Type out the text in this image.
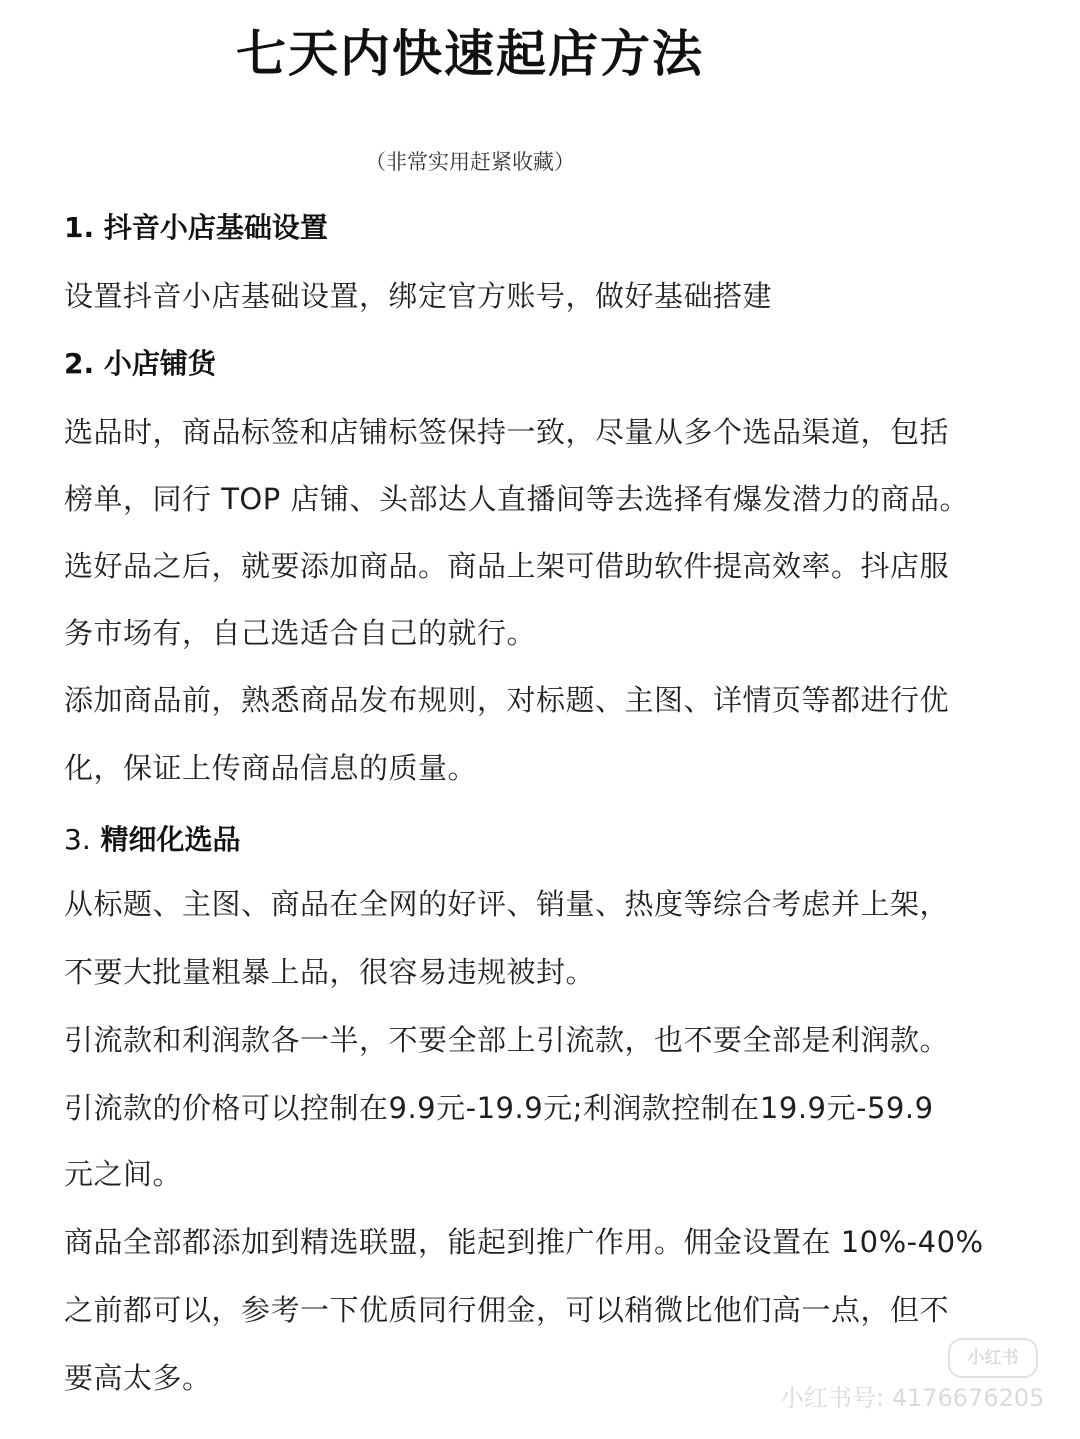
七天内快速起店方法
（非常实用赶紧收藏）
1. 抖音小店基础设置
设置抖音小店基础设置，绑定官方账号，做好基础搭建
2. 小店铺货
选品时，商品标签和店铺标签保持一致，尽量从多个选品渠道，包括
榜单，同行 TOP 店铺、头部达人直播间等去选择有爆发潜力的商品。
选好品之后，就要添加商品。商品上架可借助软件提高效率。抖店服
务市场有，自己选适合自己的就行。
添加商品前，熟悉商品发布规则，对标题、主图、详情页等都进行优
化，保证上传商品信息的质量。
3. 精细化选品
从标题、主图、商品在全网的好评、销量、热度等综合考虑并上架，
不要大批量粗暴上品，很容易违规被封。
引流款和利润款各一半，不要全部上引流款，也不要全部是利润款。
引流款的价格可以控制在9.9元-19.9元;利润款控制在19.9元-59.9
元之间。
商品全部都添加到精选联盟，能起到推广作用。佣金设置在 10%-40%
之前都可以，参考一下优质同行佣金，可以稍微比他们高一点，但不
要高太多。
小红书
小红书号: 4176676205
